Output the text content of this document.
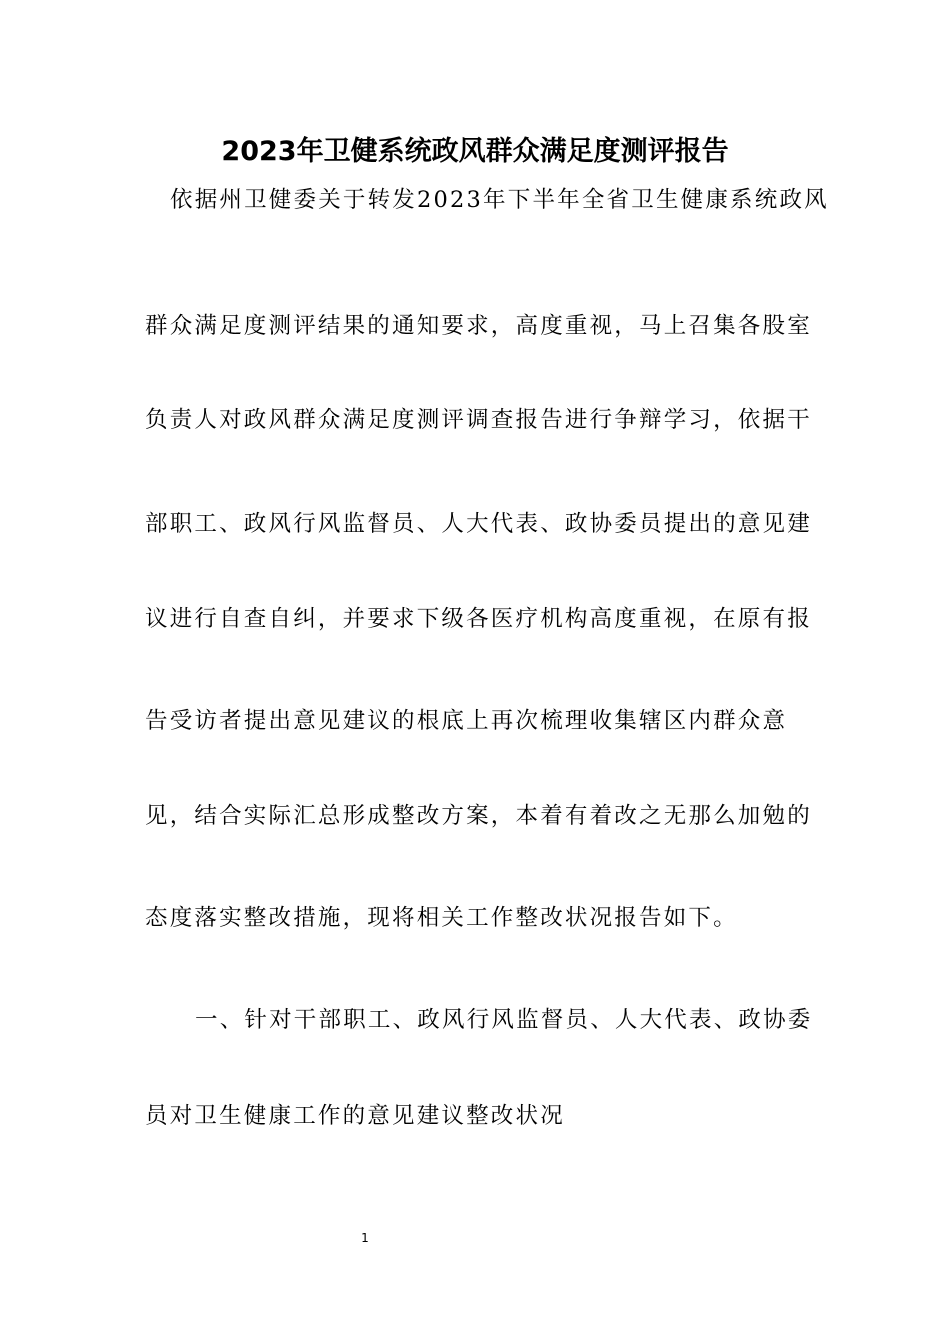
2023年卫健系统政风群众满足度测评报告
依据州卫健委关于转发2023年下半年全省卫生健康系统政风
群众满足度测评结果的通知要求，高度重视，马上召集各股室
负责人对政风群众满足度测评调查报告进行争辩学习，依据干
部职工、政风行风监督员、人大代表、政协委员提出的意见建
议进行自查自纠，并要求下级各医疗机构高度重视，在原有报
告受访者提出意见建议的根底上再次梳理收集辖区内群众意
见，结合实际汇总形成整改方案，本着有着改之无那么加勉的
态度落实整改措施，现将相关工作整改状况报告如下。
一、针对干部职工、政风行风监督员、人大代表、政协委
员对卫生健康工作的意见建议整改状况
1
